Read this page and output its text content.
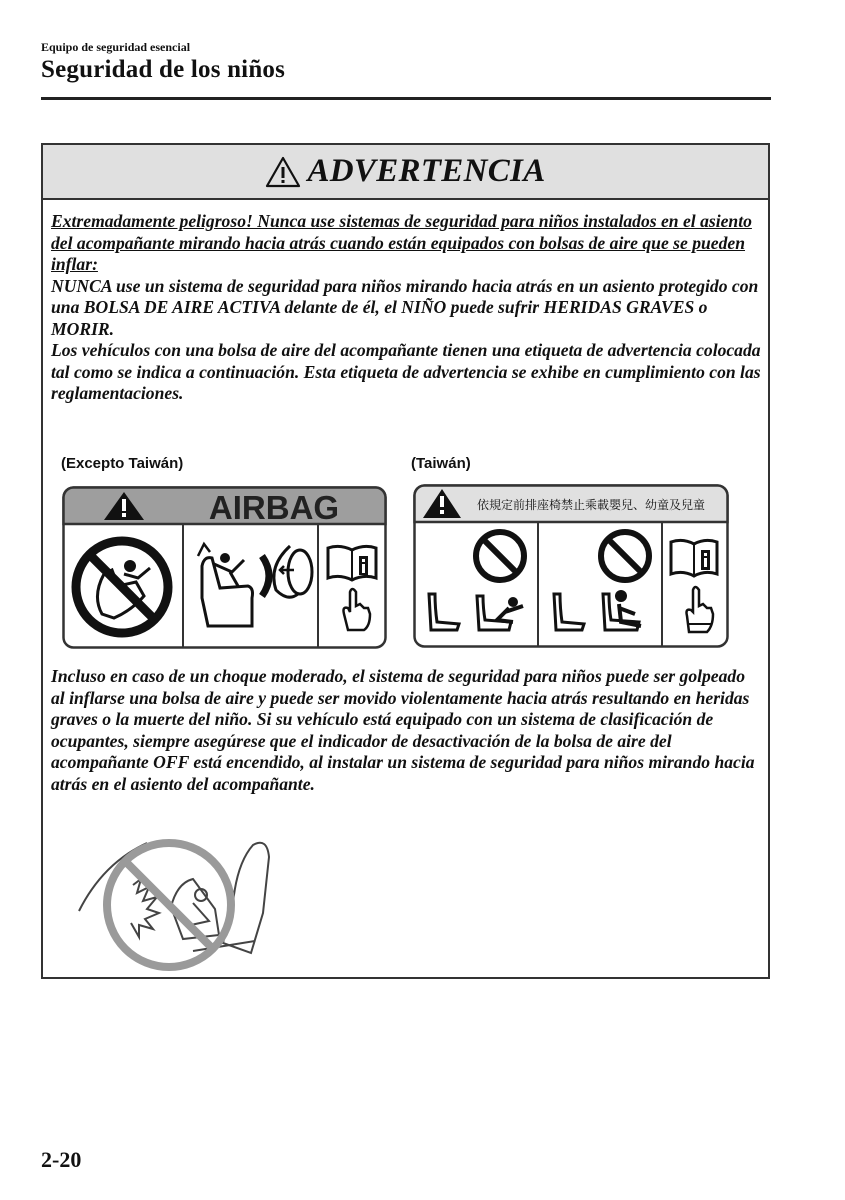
Equipo de seguridad esencial
Seguridad de los niños
ADVERTENCIA

Extremadamente peligroso! Nunca use sistemas de seguridad para niños instalados en el asiento del acompañante mirando hacia atrás cuando están equipados con bolsas de aire que se pueden inflar:

NUNCA use un sistema de seguridad para niños mirando hacia atrás en un asiento protegido con una BOLSA DE AIRE ACTIVA delante de él, el NIÑO puede sufrir HERIDAS GRAVES o MORIR.

Los vehículos con una bolsa de aire del acompañante tienen una etiqueta de advertencia colocada tal como se indica a continuación. Esta etiqueta de advertencia se exhibe en cumplimiento con las reglamentaciones.

(Excepto Taiwán)	(Taiwán)
AIRBAG	依規定前排座椅禁止乘載嬰兒、幼童及兒童

Incluso en caso de un choque moderado, el sistema de seguridad para niños puede ser golpeado al inflarse una bolsa de aire y puede ser movido violentamente hacia atrás resultando en heridas graves o la muerte del niño. Si su vehículo está equipado con un sistema de clasificación de ocupantes, siempre asegúrese que el indicador de desactivación de la bolsa de aire del acompañante OFF está encendido, al instalar un sistema de seguridad para niños mirando hacia atrás en el asiento del acompañante.

2-20
